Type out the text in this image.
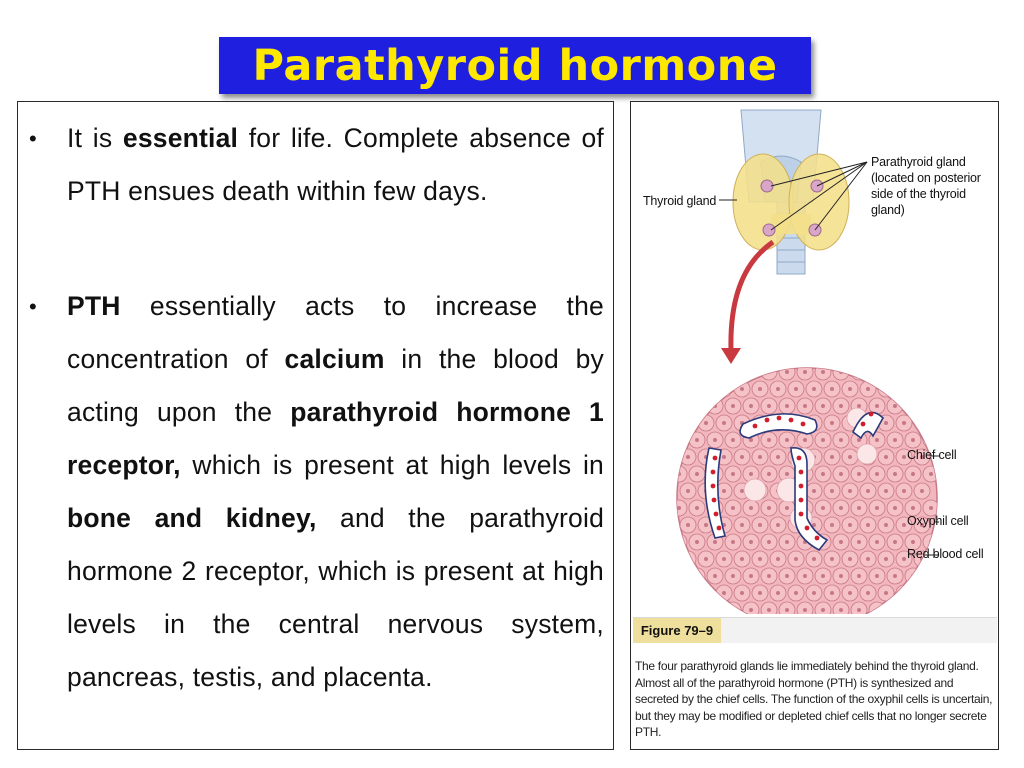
Parathyroid hormone
• It is essential for life. Complete absence of PTH ensues death within few days.
• PTH essentially acts to increase the concentration of calcium in the blood by acting upon the parathyroid hormone 1 receptor, which is present at high levels in bone and kidney, and the parathyroid hormone 2 receptor, which is present at high levels in the central nervous system, pancreas, testis, and placenta.
Thyroid gland
Parathyroid gland (located on posterior side of the thyroid gland)
Chief cell
Oxyphil cell
Red blood cell
Figure 79–9
The four parathyroid glands lie immediately behind the thyroid gland. Almost all of the parathyroid hormone (PTH) is synthesized and secreted by the chief cells. The function of the oxyphil cells is uncertain, but they may be modified or depleted chief cells that no longer secrete PTH.
